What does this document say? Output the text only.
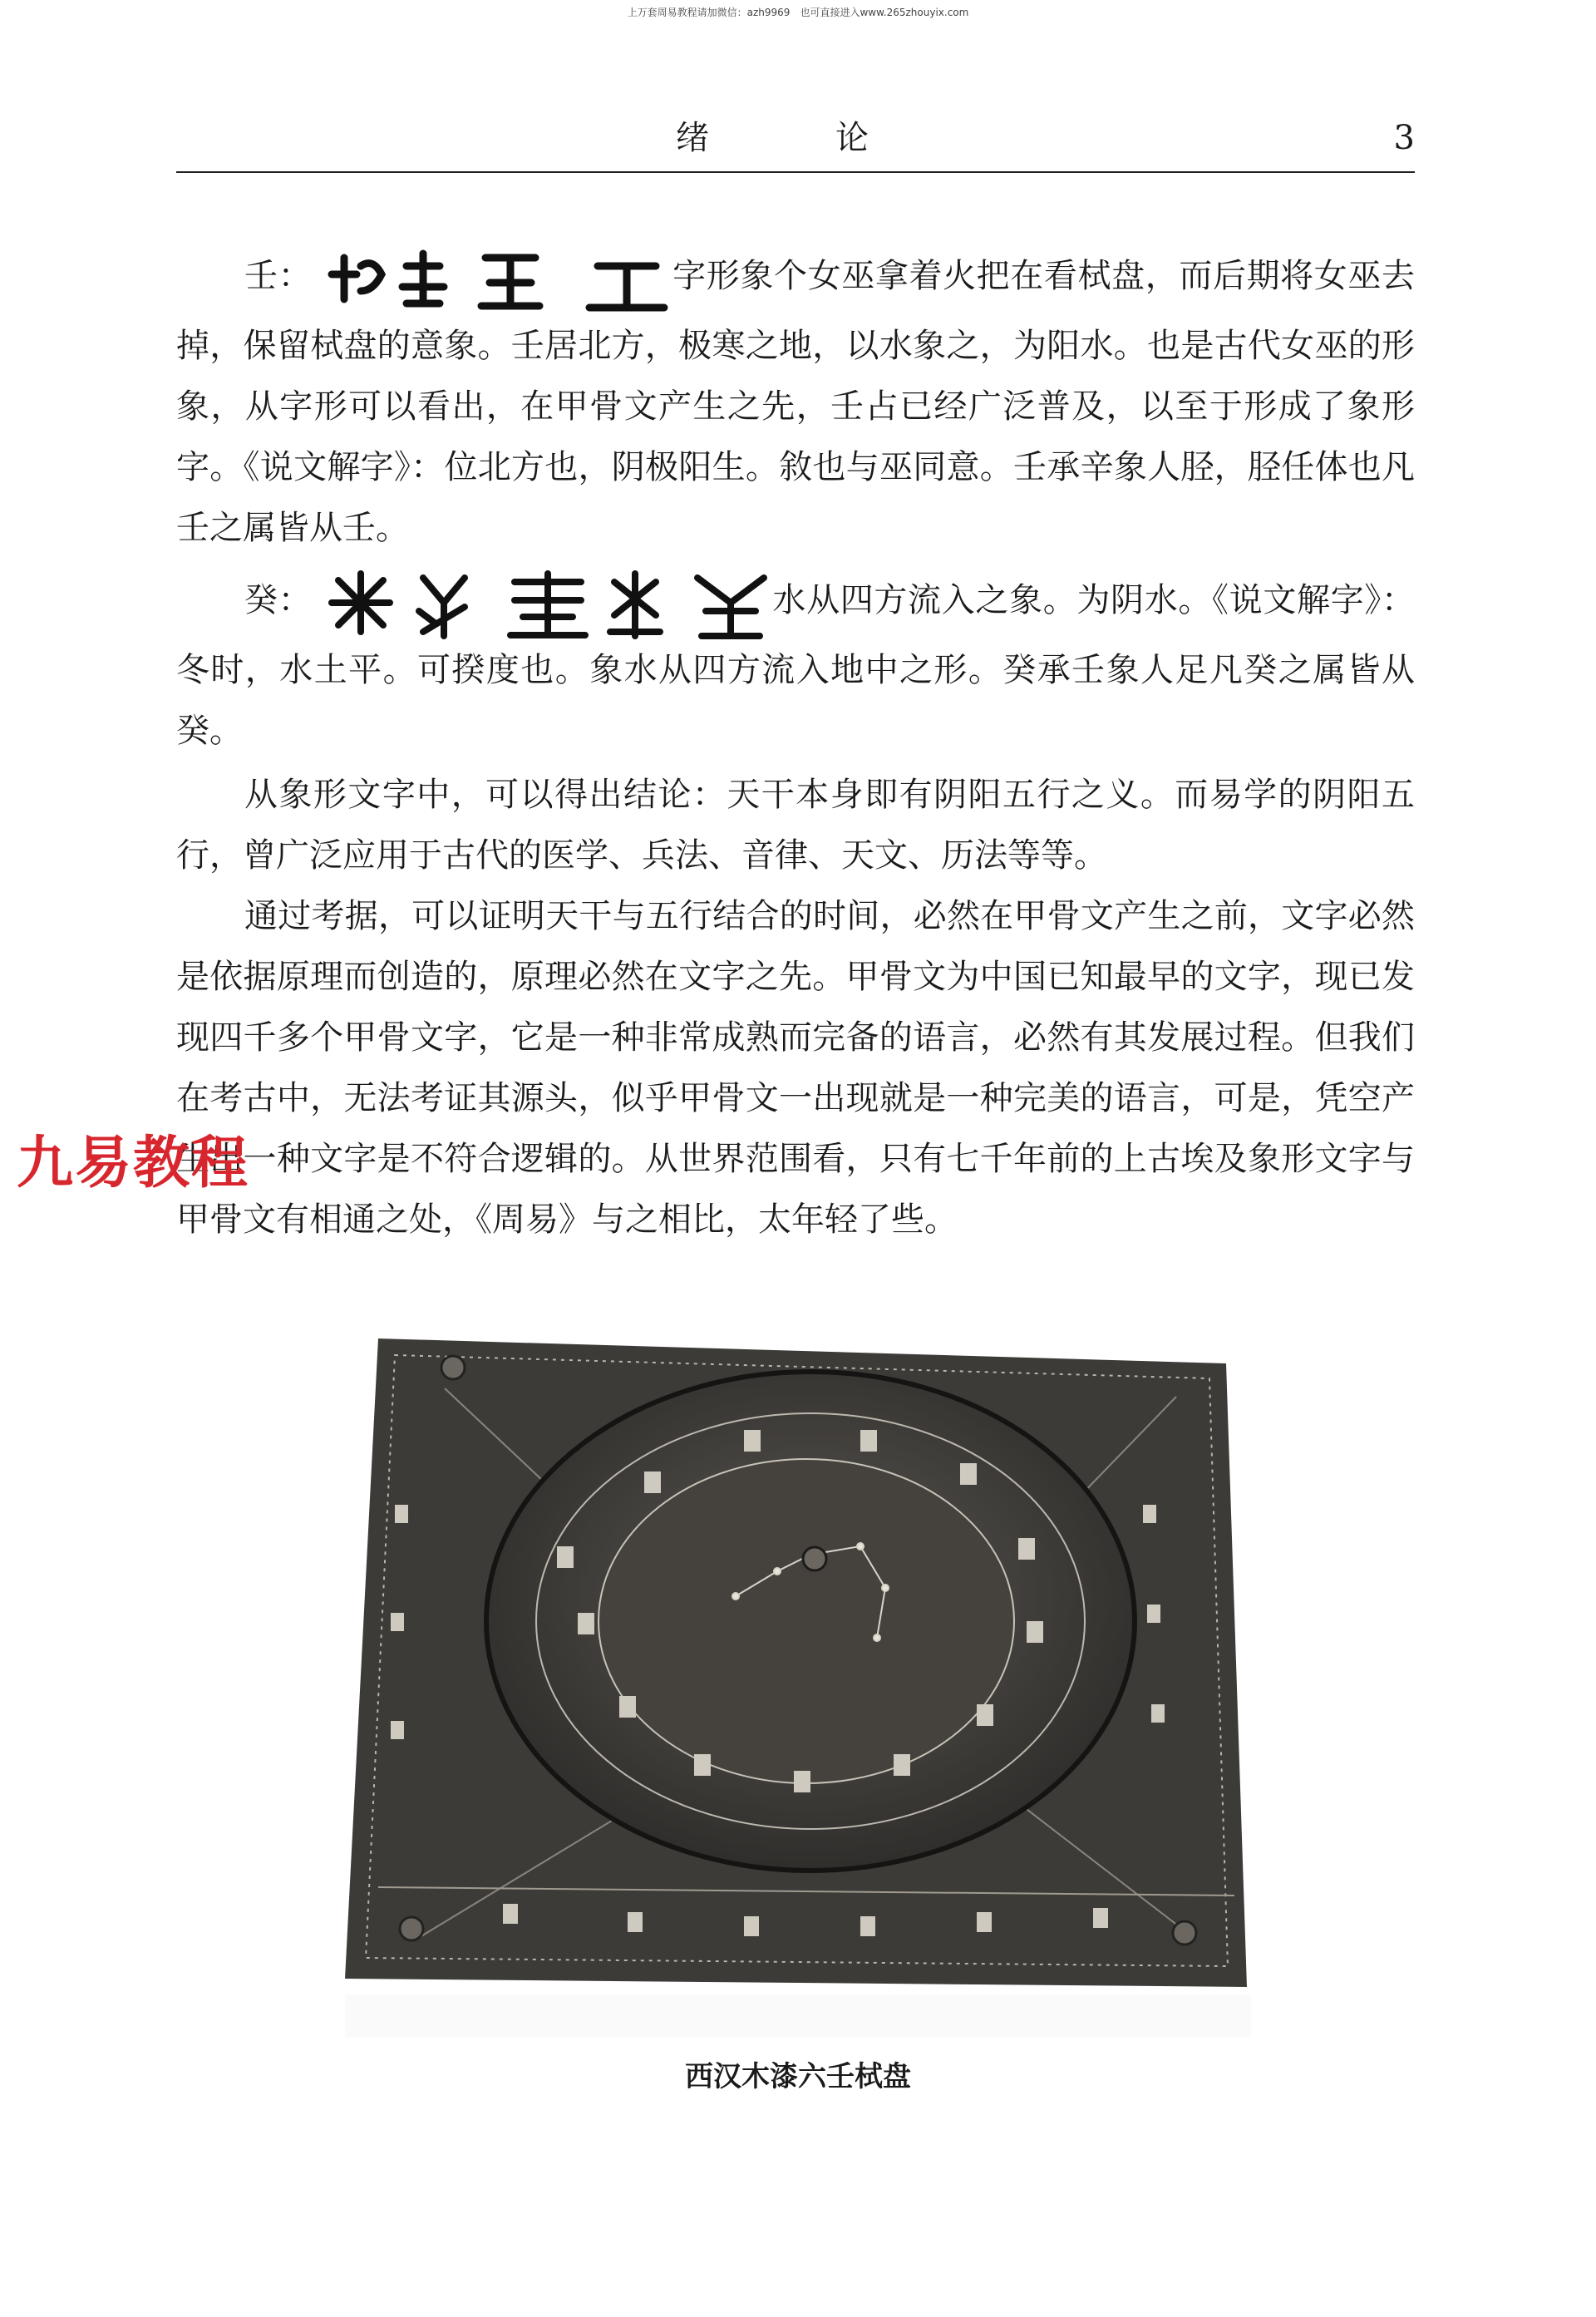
上万套周易教程请加微信：azh9969　也可直接进入www.265zhouyix.com
绪　论	3

壬：	字形象个女巫拿着火把在看栻盘，而后期将女巫去掉，保留栻盘的意象。壬居北方，极寒之地，以水象之，为阳水。也是古代女巫的形象，从字形可以看出，在甲骨文产生之先，壬占已经广泛普及，以至于形成了象形字。《说文解字》：位北方也，阴极阳生。敘也与巫同意。壬承辛象人胫，胫任体也凡壬之属皆从壬。

癸：	水从四方流入之象。为阴水。《说文解字》：冬时，水土平。可揆度也。象水从四方流入地中之形。癸承壬象人足凡癸之属皆从癸。

从象形文字中，可以得出结论：天干本身即有阴阳五行之义。而易学的阴阳五行，曾广泛应用于古代的医学、兵法、音律、天文、历法等等。

通过考据，可以证明天干与五行结合的时间，必然在甲骨文产生之前，文字必然是依据原理而创造的，原理必然在文字之先。甲骨文为中国已知最早的文字，现已发现四千多个甲骨文字，它是一种非常成熟而完备的语言，必然有其发展过程。但我们在考古中，无法考证其源头，似乎甲骨文一出现就是一种完美的语言，可是，凭空产生出一种文字是不符合逻辑的。从世界范围看，只有七千年前的上古埃及象形文字与甲骨文有相通之处，《周易》与之相比，太年轻了些。

九易教程
西汉木漆六壬栻盘
